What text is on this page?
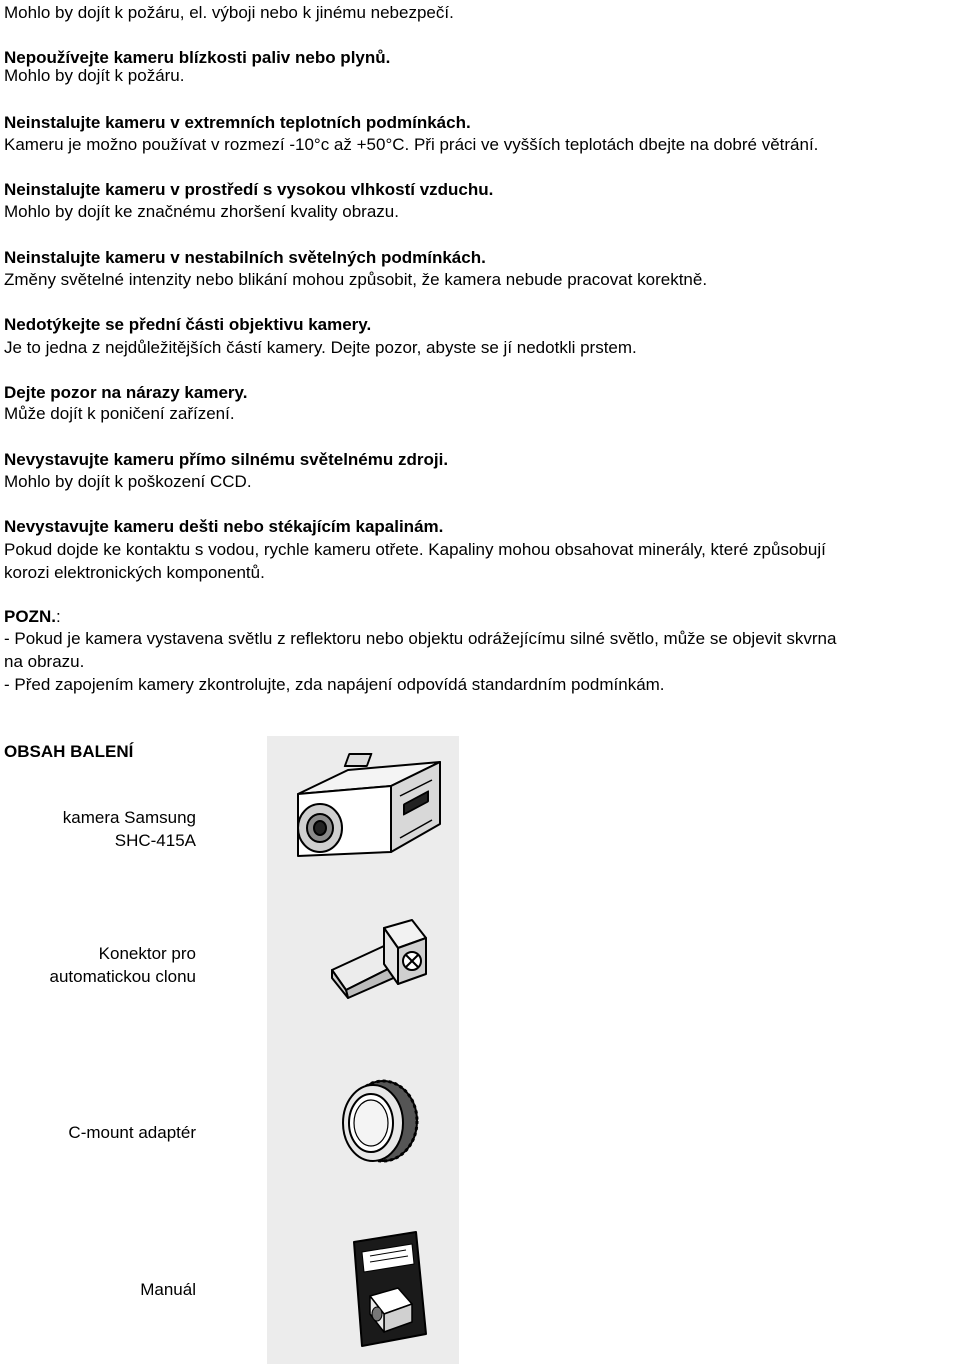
Mohlo by dojít k požáru, el. výboji nebo k jinému nebezpečí.
Nepoužívejte kameru blízkosti paliv nebo plynů.
Mohlo by dojít k požáru.
Neinstalujte kameru v extremních teplotních podmínkách.
Kameru je možno používat v rozmezí -10°c až +50°C. Při práci ve vyšších teplotách dbejte na dobré větrání.
Neinstalujte kameru v prostředí s vysokou vlhkostí vzduchu.
Mohlo by dojít ke značnému zhoršení kvality obrazu.
Neinstalujte kameru v nestabilních světelných podmínkách.
Změny světelné intenzity nebo blikání mohou způsobit, že kamera nebude pracovat korektně.
Nedotýkejte se přední části objektivu kamery.
Je to jedna z nejdůležitějších částí kamery. Dejte pozor, abyste se jí nedotkli prstem.
Dejte pozor na nárazy kamery.
Může dojít k poničení zařízení.
Nevystavujte kameru přímo silnému světelnému zdroji.
Mohlo by dojít k poškození CCD.
Nevystavujte kameru dešti nebo stékajícím kapalinám.
Pokud dojde ke kontaktu s vodou, rychle kameru otřete. Kapaliny mohou obsahovat minerály, které způsobují
korozi elektronických komponentů.
POZN.:
- Pokud je kamera vystavena světlu z reflektoru nebo objektu odrážejícímu silné světlo, může se objevit skvrna
na obrazu.
- Před zapojením kamery zkontrolujte, zda napájení odpovídá standardním podmínkám.
OBSAH BALENÍ
kamera Samsung
SHC-415A
Konektor pro
automatickou clonu
C-mount adaptér
Manuál
